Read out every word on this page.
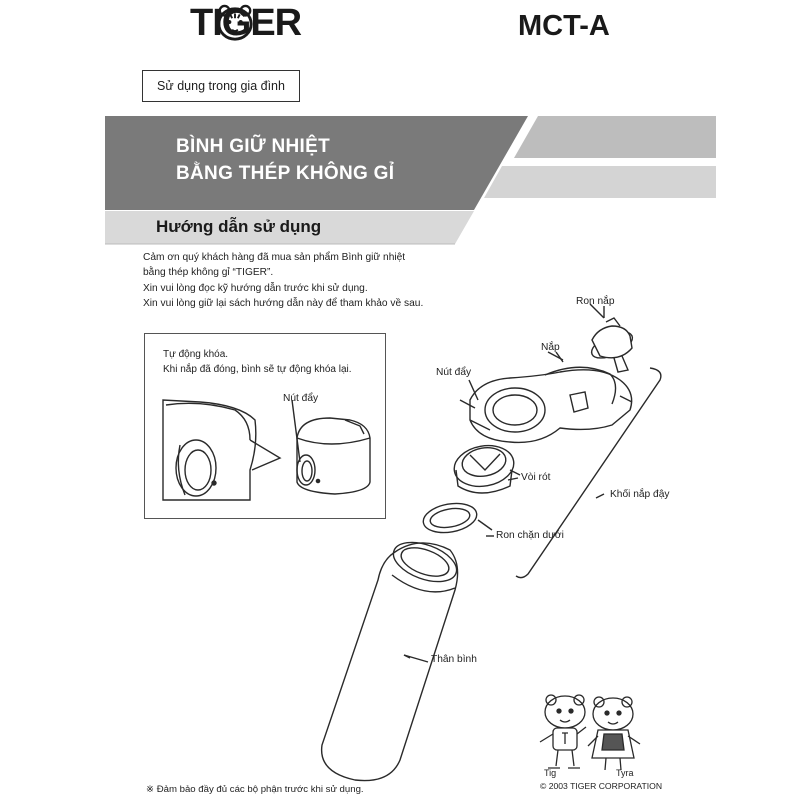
TIGER	MCT-A
Sử dụng trong gia đình
BÌNH GIỮ NHIỆT
BẰNG THÉP KHÔNG GỈ
Hướng dẫn sử dụng
Cảm ơn quý khách hàng đã mua sản phẩm Bình giữ nhiệt
bằng thép không gỉ “TIGER”.
Xin vui lòng đọc kỹ hướng dẫn trước khi sử dụng.
Xin vui lòng giữ lại sách hướng dẫn này để tham khảo về sau.
Tự động khóa.
Khi nắp đã đóng, bình sẽ tự động khóa lại.
Nút đẩy
Ron nắp
Nắp
Nút đẩy
Vòi rót
Khối nắp đậy
Ron chặn dưới
Thân bình
Tig	Tyra
© 2003 TIGER CORPORATION
※ Đảm bảo đầy đủ các bộ phận trước khi sử dụng.
